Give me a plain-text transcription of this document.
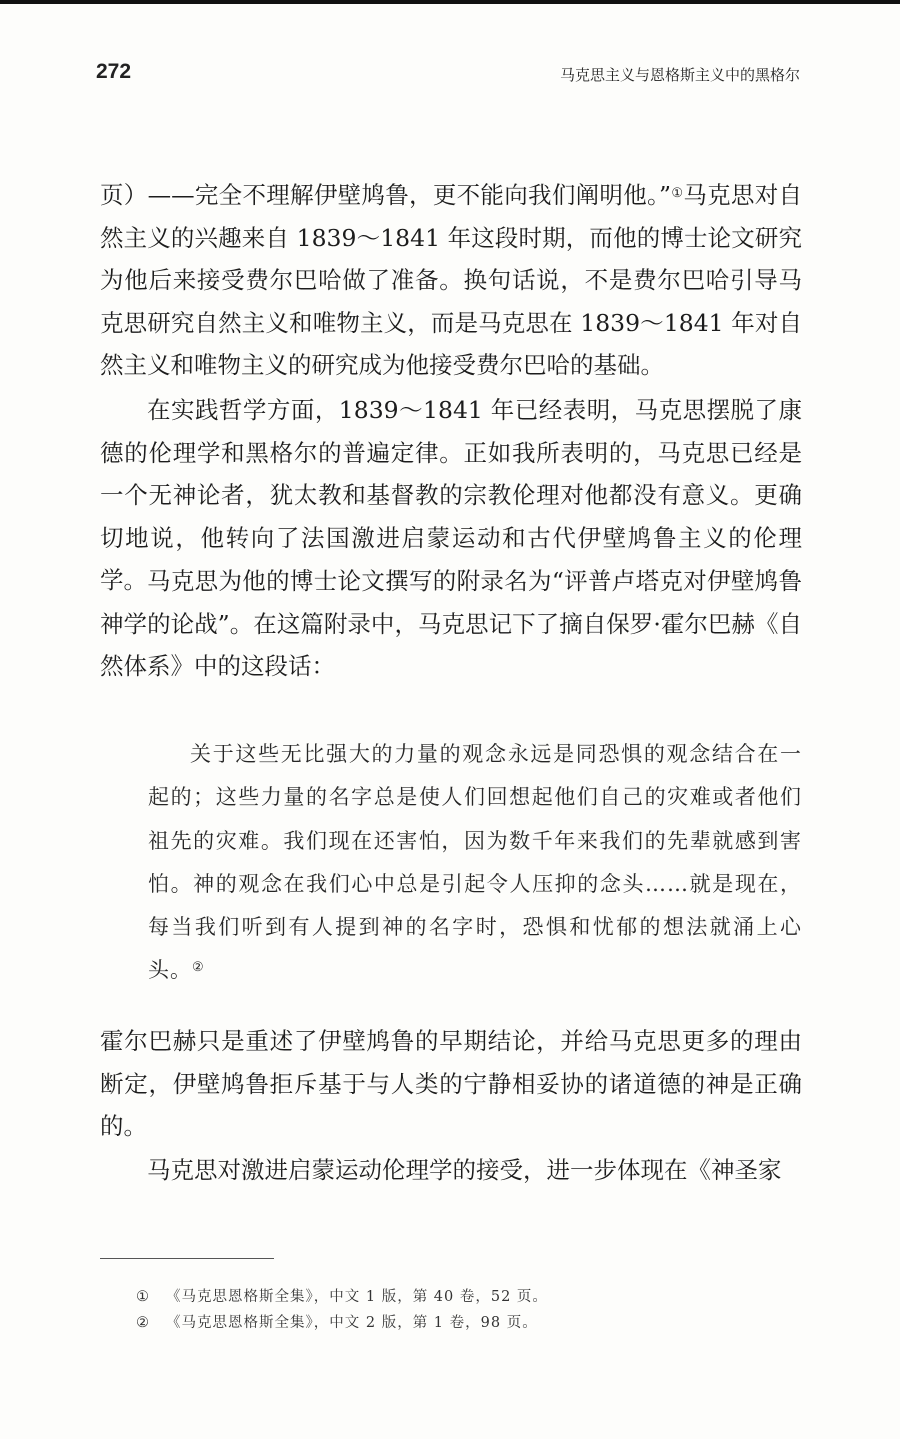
272	马克思主义与恩格斯主义中的黑格尔

页）——完全不理解伊壁鸠鲁，更不能向我们阐明他。”①马克思对自然主义的兴趣来自 1839～1841 年这段时期，而他的博士论文研究为他后来接受费尔巴哈做了准备。换句话说，不是费尔巴哈引导马克思研究自然主义和唯物主义，而是马克思在 1839～1841 年对自然主义和唯物主义的研究成为他接受费尔巴哈的基础。

在实践哲学方面，1839～1841 年已经表明，马克思摆脱了康德的伦理学和黑格尔的普遍定律。正如我所表明的，马克思已经是一个无神论者，犹太教和基督教的宗教伦理对他都没有意义。更确切地说，他转向了法国激进启蒙运动和古代伊壁鸠鲁主义的伦理学。 马克思为他的博士论文撰写的附录名为“评普卢塔克对伊壁鸠鲁神学的论战”。在这篇附录中，马克思记下了摘自保罗·霍尔巴赫《自然体系》中的这段话：

关于这些无比强大的力量的观念永远是同恐惧的观念结合在一起的；这些力量的名字总是使人们回想起他们自己的灾难或者他们祖先的灾难。我们现在还害怕，因为数千年来我们的先辈就感到害怕。神的观念在我们心中总是引起令人压抑的念头……就是现在，每当我们听到有人提到神的名字时，恐惧和忧郁的想法就涌上心头。②

霍尔巴赫只是重述了伊壁鸠鲁的早期结论，并给马克思更多的理由断定，伊壁鸠鲁拒斥基于与人类的宁静相妥协的诸道德的神是正确的。

马克思对激进启蒙运动伦理学的接受，进一步体现在《神圣家

① 《马克思恩格斯全集》，中文 1 版，第 40 卷，52 页。

② 《马克思恩格斯全集》，中文 2 版，第 1 卷，98 页。
